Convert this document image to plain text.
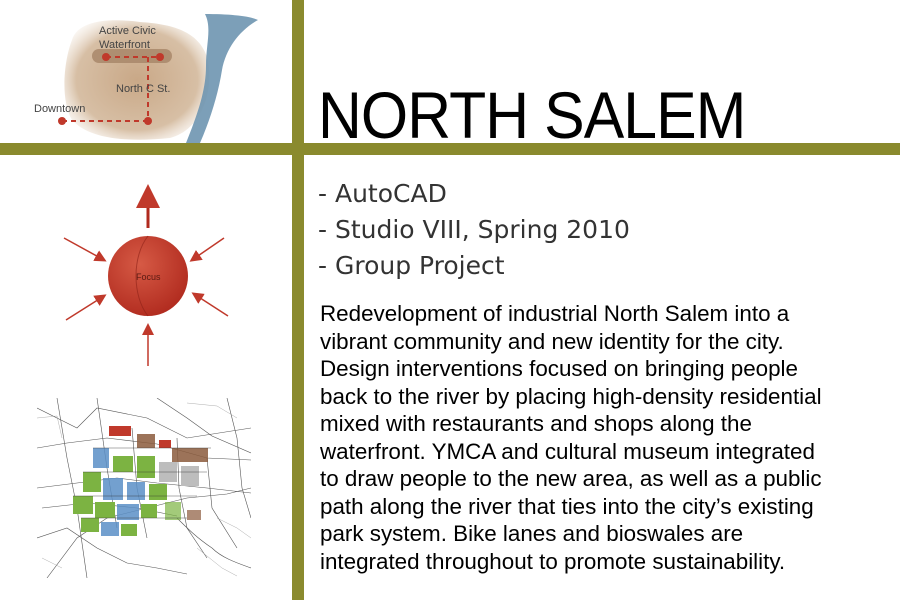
Active Civic
Waterfront
North C St.
Downtown
Focus
NORTH SALEM
- AutoCAD
- Studio VIII, Spring 2010
- Group Project

Redevelopment of industrial North Salem into a
vibrant community and new identity for the city.
Design interventions focused on bringing people
back to the river by placing high-density residential
mixed with restaurants and shops along the
waterfront. YMCA and cultural museum integrated
to draw people to the new area, as well as a public
path along the river that ties into the city’s existing
park system. Bike lanes and bioswales are
integrated throughout to promote sustainability.
